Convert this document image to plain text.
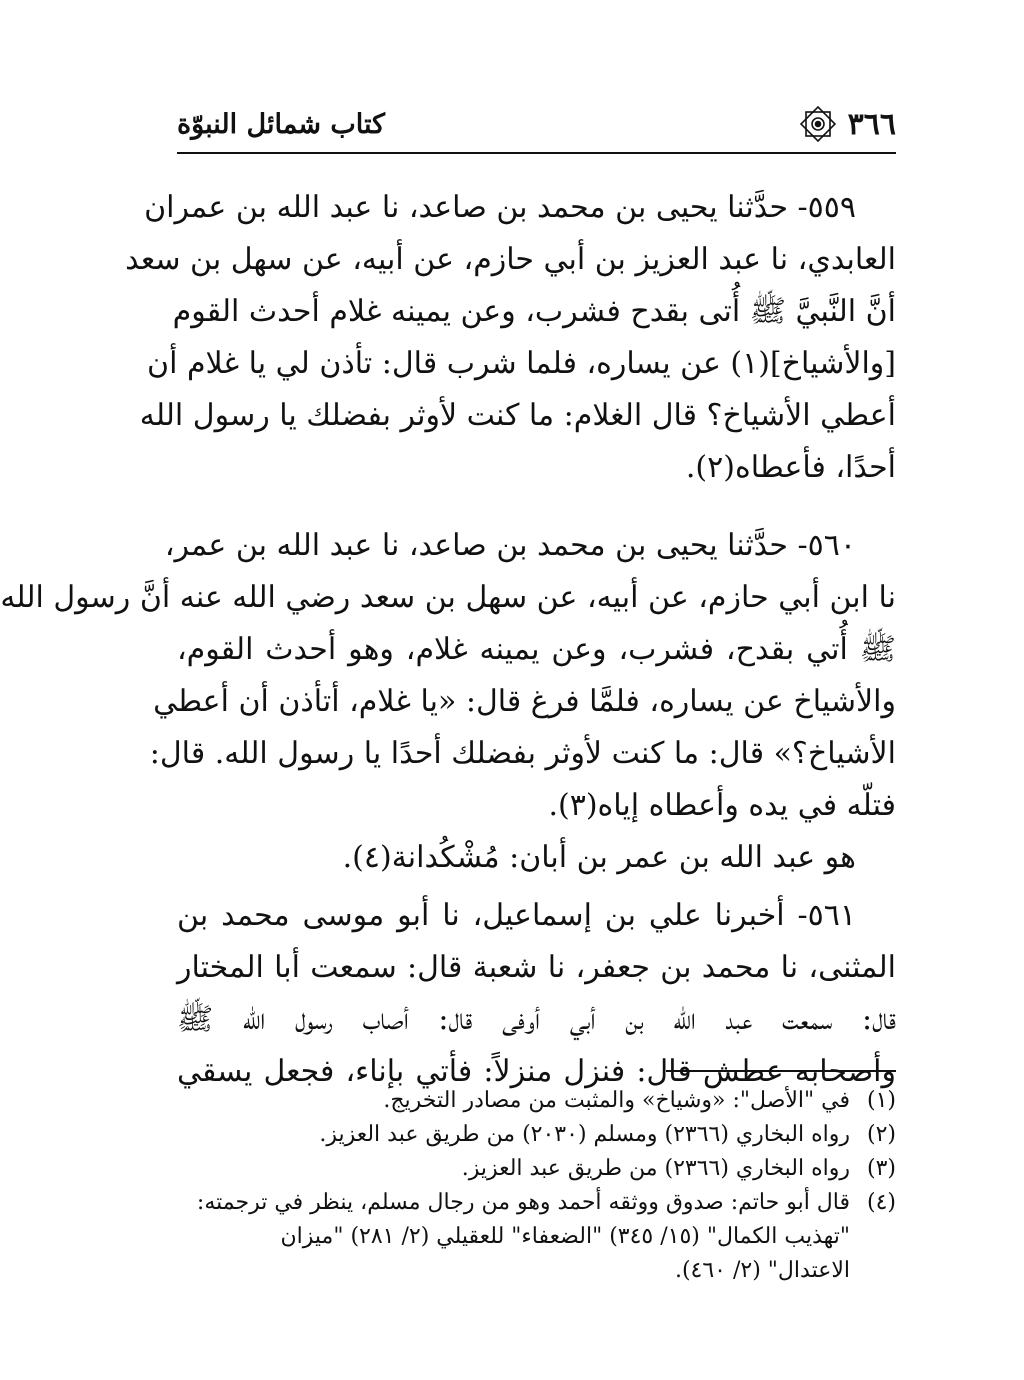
٣٦٦
كتاب شمائل النبوّة
٥٥٩- حدَّثنا يحيى بن محمد بن صاعد، نا عبد الله بن عمران
العابدي، نا عبد العزيز بن أبي حازم، عن أبيه، عن سهل بن سعد
أنَّ النَّبيَّ ﷺ أُتى بقدح فشرب، وعن يمينه غلام أحدث القوم
[والأشياخ](١) عن يساره، فلما شرب قال: تأذن لي يا غلام أن
أعطي الأشياخ؟ قال الغلام: ما كنت لأوثر بفضلك يا رسول الله
أحدًا، فأعطاه(٢).
٥٦٠- حدَّثنا يحيى بن محمد بن صاعد، نا عبد الله بن عمر،
نا ابن أبي حازم، عن أبيه، عن سهل بن سعد رضي الله عنه أنَّ رسول الله
ﷺ أُتي بقدح، فشرب، وعن يمينه غلام، وهو أحدث القوم،
والأشياخ عن يساره، فلمَّا فرغ قال: «يا غلام، أتأذن أن أعطي
الأشياخ؟» قال: ما كنت لأوثر بفضلك أحدًا يا رسول الله. قال:
فتلّه في يده وأعطاه إياه(٣).
هو عبد الله بن عمر بن أبان: مُشْكُدانة(٤).
٥٦١- أخبرنا علي بن إسماعيل، نا أبو موسى محمد بن
المثنى، نا محمد بن جعفر، نا شعبة قال: سمعت أبا المختار
قال: سمعت عبد الله بن أبي أوفى قال: أصاب رسول الله ﷺ
وأصحابه عطش قال: فنزل منزلاً: فأتي بإناء، فجعل يسقي
(١)
في "الأصل": «وشياخ» والمثبت من مصادر التخريج.
(٢)
رواه البخاري (٢٣٦٦) ومسلم (٢٠٣٠) من طريق عبد العزيز.
(٣)
رواه البخاري (٢٣٦٦) من طريق عبد العزيز.
(٤)
قال أبو حاتم: صدوق ووثقه أحمد وهو من رجال مسلم، ينظر في ترجمته:
"تهذيب الكمال" (١٥/ ٣٤٥) "الضعفاء" للعقيلي (٢/ ٢٨١) "ميزان
الاعتدال" (٢/ ٤٦٠).
